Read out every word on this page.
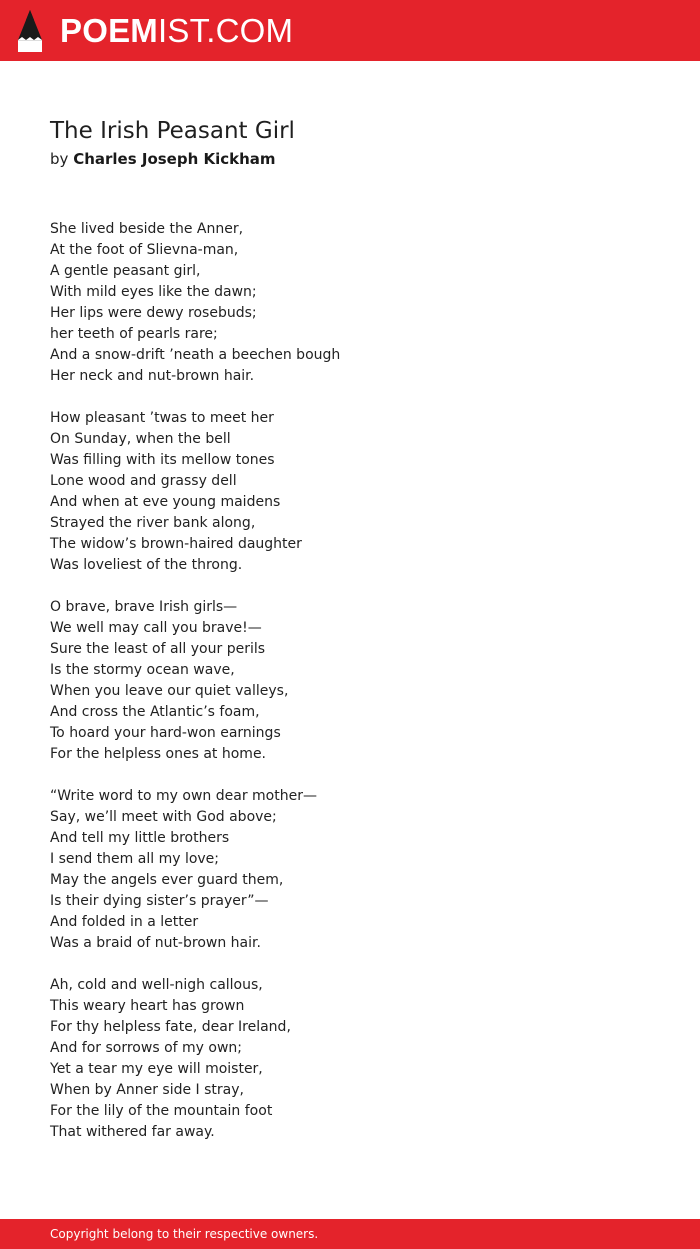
POEMIST.COM
The Irish Peasant Girl

by Charles Joseph Kickham

She lived beside the Anner,
At the foot of Slievna-man,
A gentle peasant girl,
With mild eyes like the dawn;
Her lips were dewy rosebuds;
her teeth of pearls rare;
And a snow-drift ’neath a beechen bough
Her neck and nut-brown hair.

How pleasant ’twas to meet her
On Sunday, when the bell
Was filling with its mellow tones
Lone wood and grassy dell
And when at eve young maidens
Strayed the river bank along,
The widow’s brown-haired daughter
Was loveliest of the throng.

O brave, brave Irish girls—
We well may call you brave!—
Sure the least of all your perils
Is the stormy ocean wave,
When you leave our quiet valleys,
And cross the Atlantic’s foam,
To hoard your hard-won earnings
For the helpless ones at home.

“Write word to my own dear mother—
Say, we’ll meet with God above;
And tell my little brothers
I send them all my love;
May the angels ever guard them,
Is their dying sister’s prayer”—
And folded in a letter
Was a braid of nut-brown hair.

Ah, cold and well-nigh callous,
This weary heart has grown
For thy helpless fate, dear Ireland,
And for sorrows of my own;
Yet a tear my eye will moister,
When by Anner side I stray,
For the lily of the mountain foot
That withered far away.

Copyright belong to their respective owners.
